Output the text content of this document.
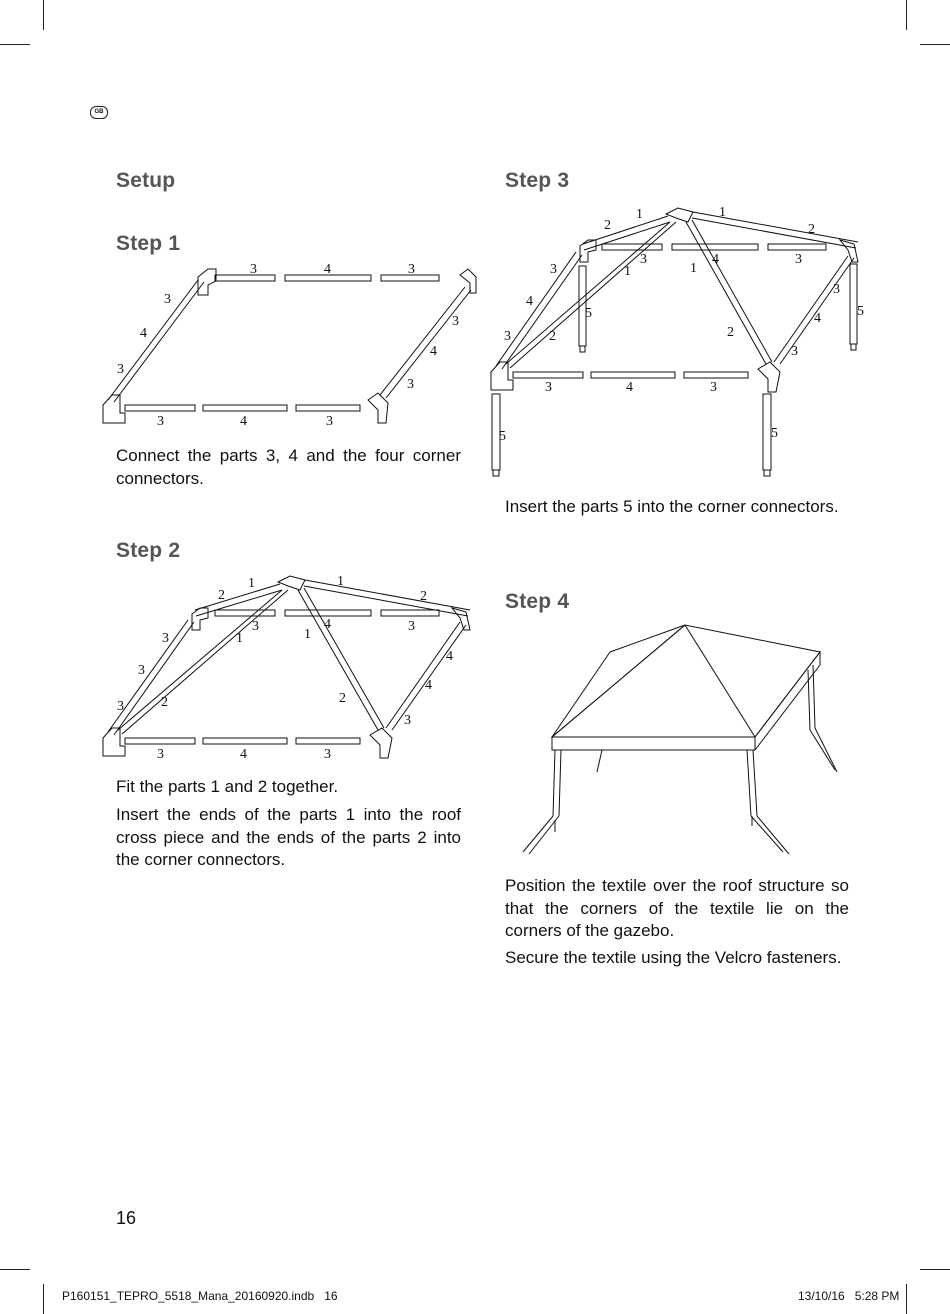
GB
Setup
Step 1
3	4	3
3
4
3
3
4
3
3	4	3

Connect the parts 3, 4 and the four corner connectors.

Step 2
2
1	1
2
3	4	3
1
3	1
4
3
3
4
3
2	2
3	4	3

Fit the parts 1 and 2 together.

Insert the ends of the parts 1 into the roof cross piece and the ends of the parts 2 into the corner connectors.

Step 3
2
1	1
2
3
4	3
1
3
1
3
3
4
4
5	5
3
2	2
3	3
4
5	5

Insert the parts 5 into the corner connectors.

Step 4

Position the textile over the roof structure so that the corners of the textile lie on the corners of the gazebo.

Secure the textile using the Velcro fasteners.

16
P160151_TEPRO_5518_Mana_20160920.indb   16	13/10/16   5:28 PM
